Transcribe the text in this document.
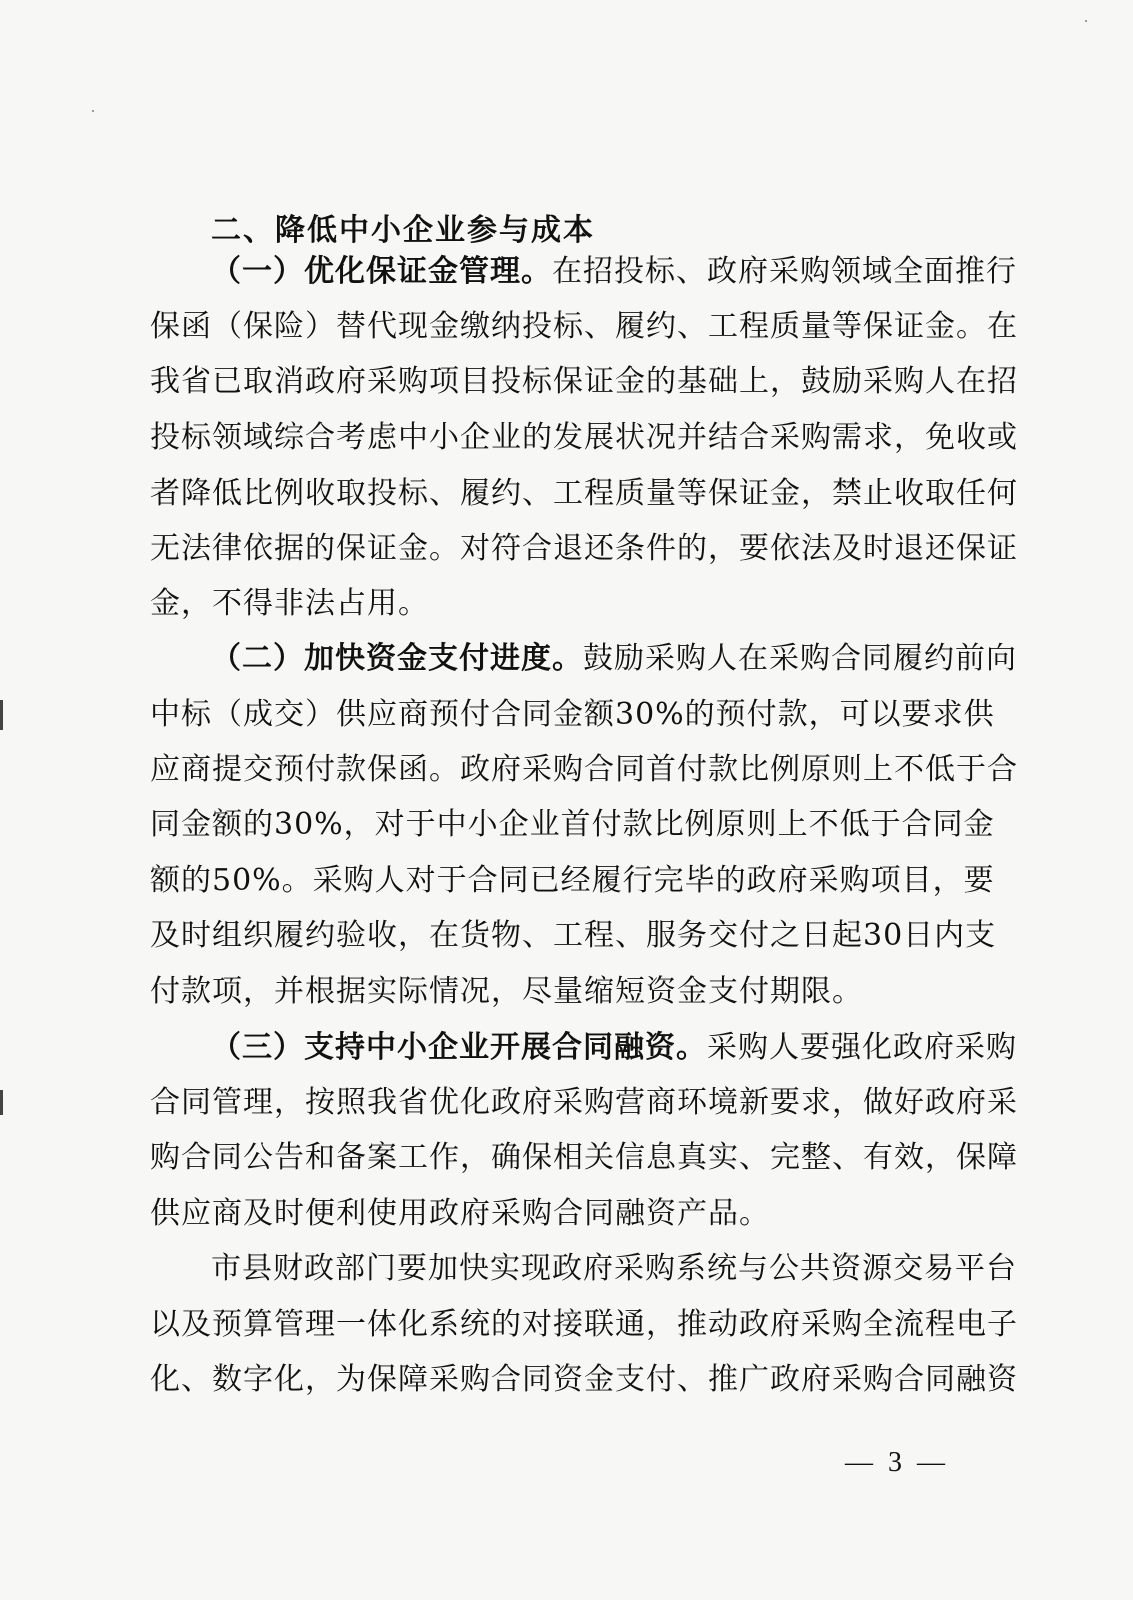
二、降低中小企业参与成本
（一）优化保证金管理。在招投标、政府采购领域全面推行
保函（保险）替代现金缴纳投标、履约、工程质量等保证金。在
我省已取消政府采购项目投标保证金的基础上，鼓励采购人在招
投标领域综合考虑中小企业的发展状况并结合采购需求，免收或
者降低比例收取投标、履约、工程质量等保证金，禁止收取任何
无法律依据的保证金。对符合退还条件的，要依法及时退还保证
金，不得非法占用。
（二）加快资金支付进度。鼓励采购人在采购合同履约前向
中标（成交）供应商预付合同金额30%的预付款，可以要求供
应商提交预付款保函。政府采购合同首付款比例原则上不低于合
同金额的30%，对于中小企业首付款比例原则上不低于合同金
额的50%。采购人对于合同已经履行完毕的政府采购项目，要
及时组织履约验收，在货物、工程、服务交付之日起30日内支
付款项，并根据实际情况，尽量缩短资金支付期限。
（三）支持中小企业开展合同融资。采购人要强化政府采购
合同管理，按照我省优化政府采购营商环境新要求，做好政府采
购合同公告和备案工作，确保相关信息真实、完整、有效，保障
供应商及时便利使用政府采购合同融资产品。
市县财政部门要加快实现政府采购系统与公共资源交易平台
以及预算管理一体化系统的对接联通，推动政府采购全流程电子
化、数字化，为保障采购合同资金支付、推广政府采购合同融资
— 3 —
